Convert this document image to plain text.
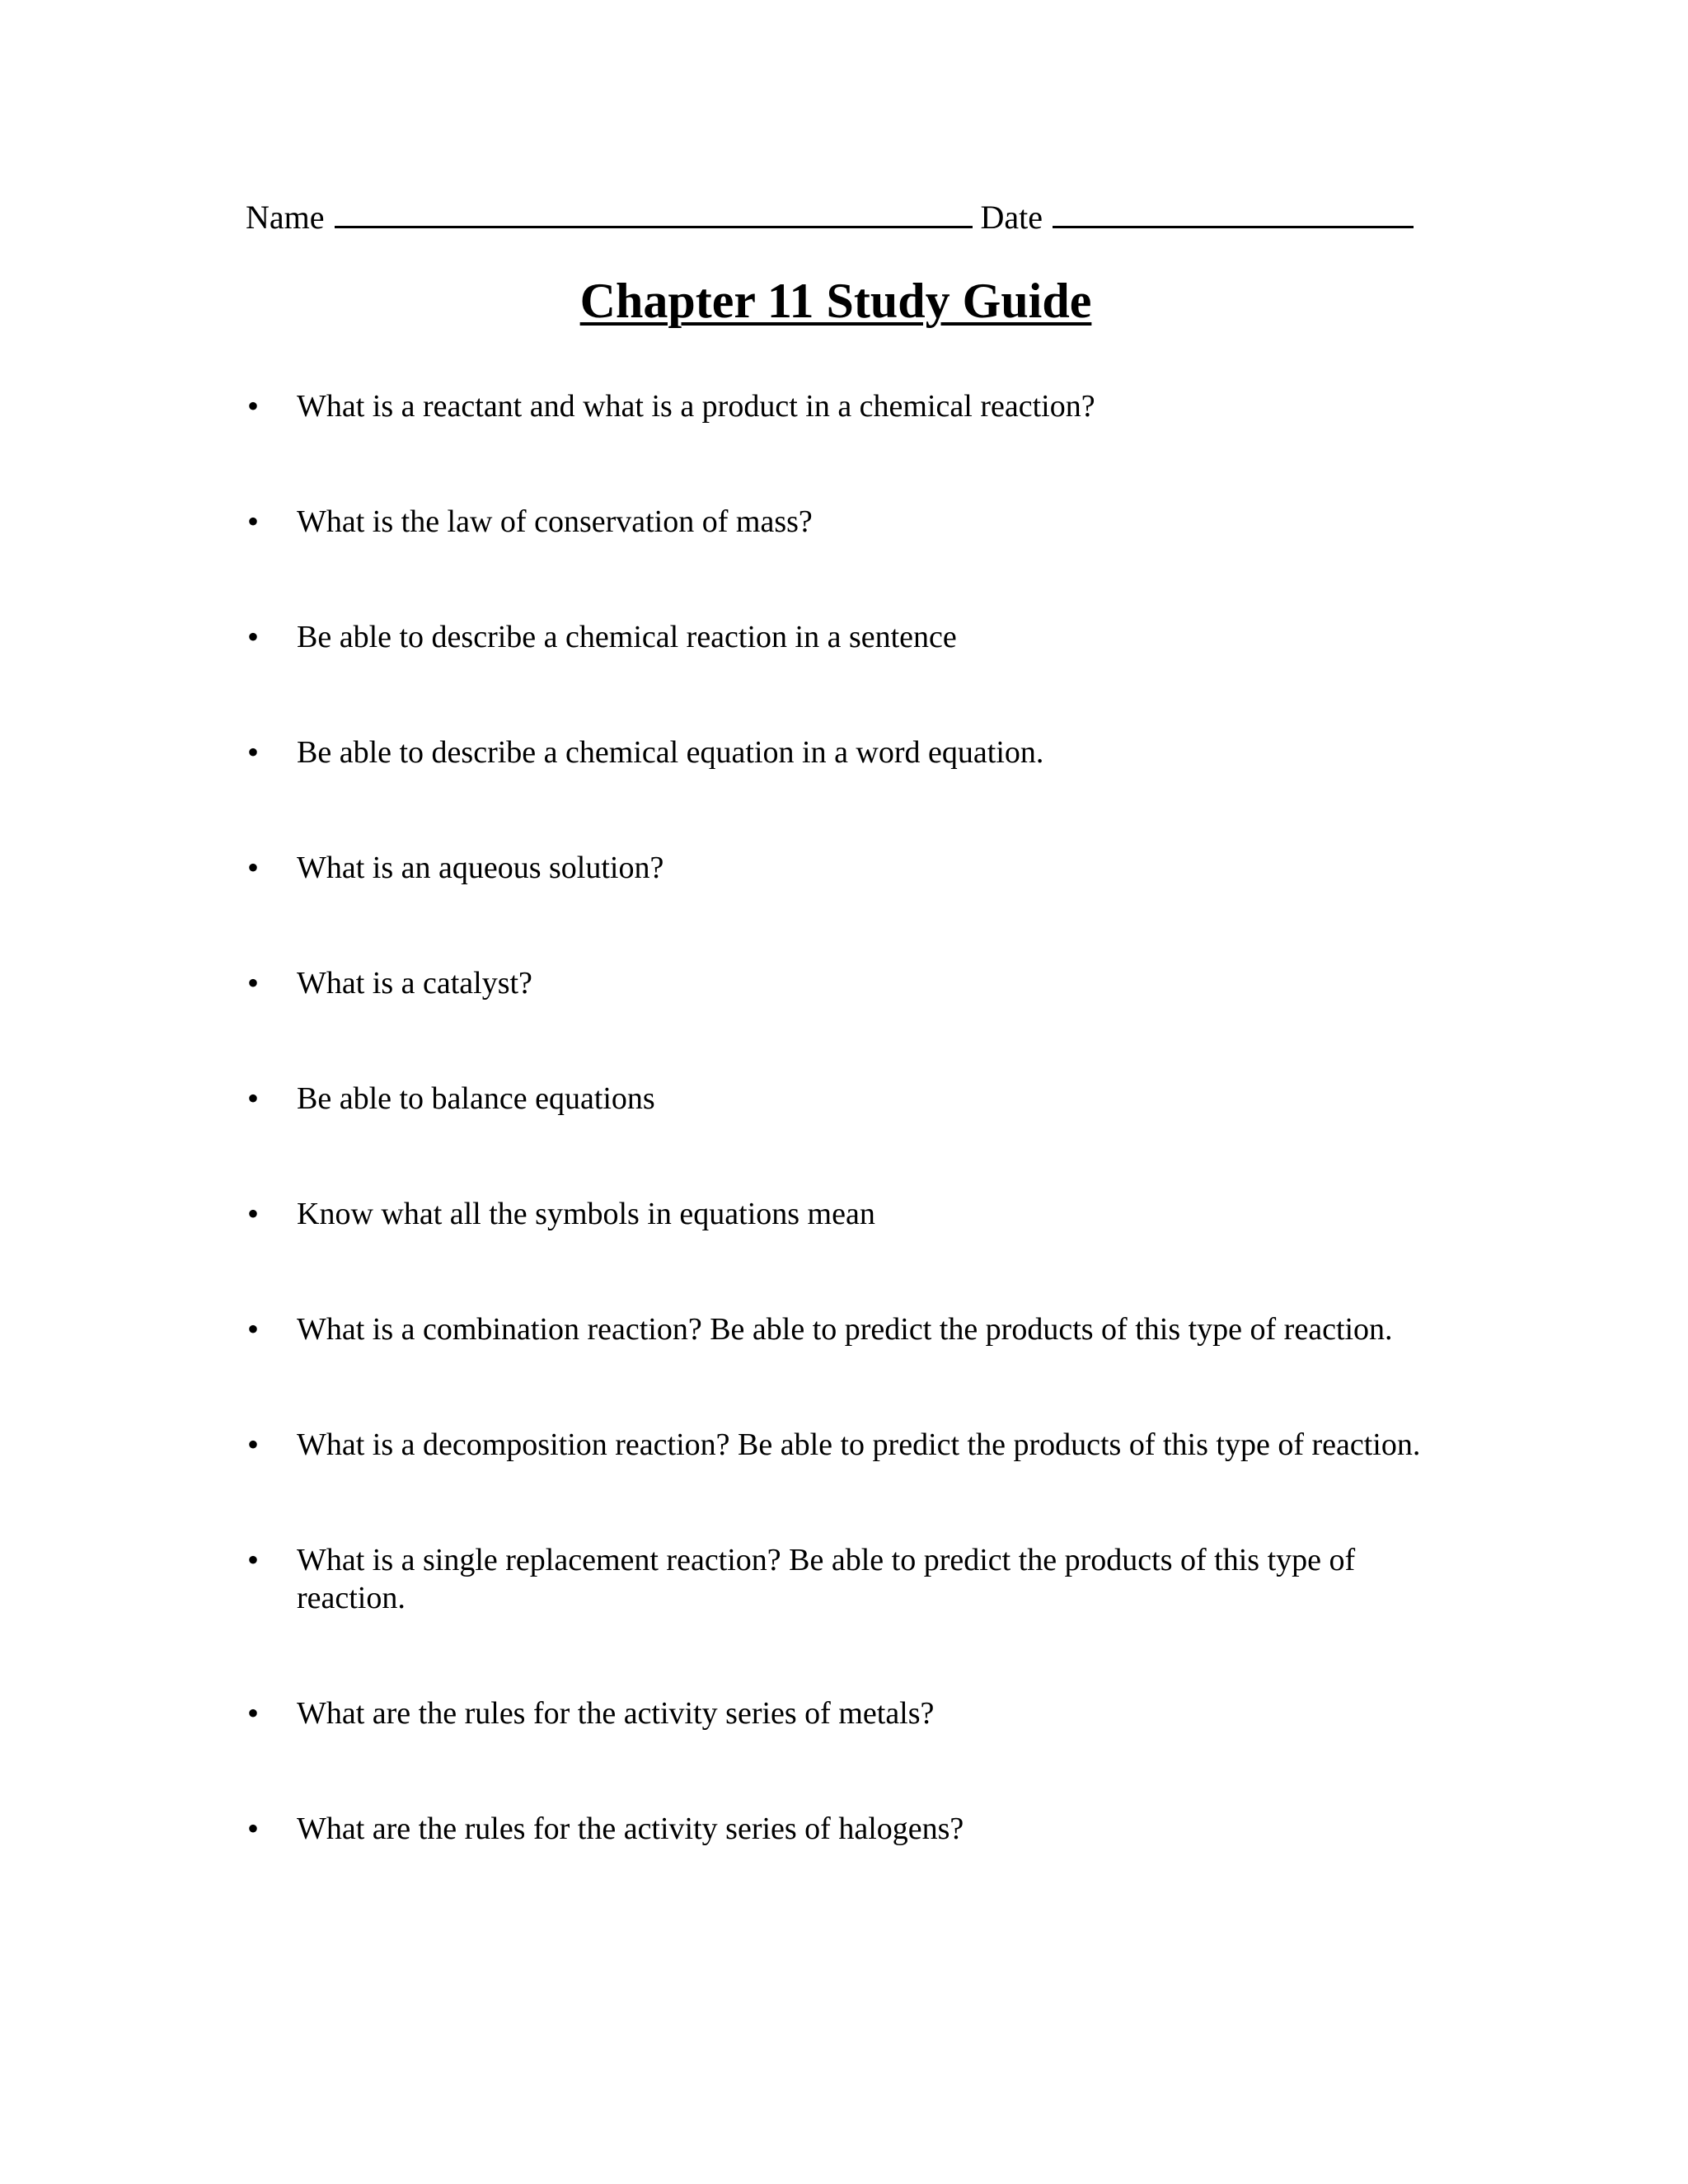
Name	Date
Chapter 11 Study Guide
• What is a reactant and what is a product in a chemical reaction?
• What is the law of conservation of mass?
• Be able to describe a chemical reaction in a sentence
• Be able to describe a chemical equation in a word equation.
• What is an aqueous solution?
• What is a catalyst?
• Be able to balance equations
• Know what all the symbols in equations mean
• What is a combination reaction? Be able to predict the products of this type of reaction.
• What is a decomposition reaction? Be able to predict the products of this type of reaction.
• What is a single replacement reaction? Be able to predict the products of this type of reaction.
• What are the rules for the activity series of metals?
• What are the rules for the activity series of halogens?
